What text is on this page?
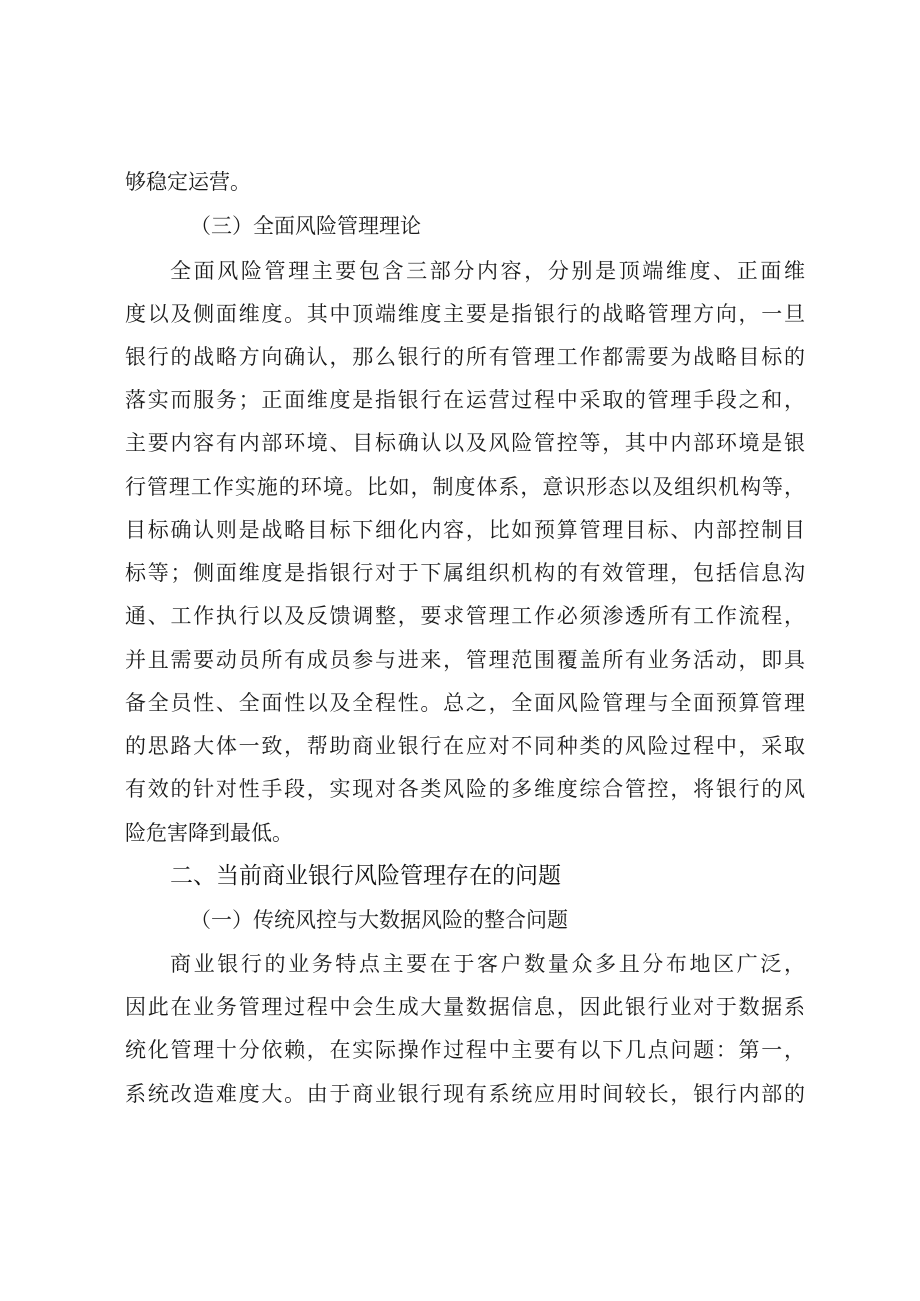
够稳定运营。
（三）全面风险管理理论
全面风险管理主要包含三部分内容，分别是顶端维度、正面维
度以及侧面维度。其中顶端维度主要是指银行的战略管理方向，一旦
银行的战略方向确认，那么银行的所有管理工作都需要为战略目标的
落实而服务；正面维度是指银行在运营过程中采取的管理手段之和，
主要内容有内部环境、目标确认以及风险管控等，其中内部环境是银
行管理工作实施的环境。比如，制度体系，意识形态以及组织机构等，
目标确认则是战略目标下细化内容，比如预算管理目标、内部控制目
标等；侧面维度是指银行对于下属组织机构的有效管理，包括信息沟
通、工作执行以及反馈调整，要求管理工作必须渗透所有工作流程，
并且需要动员所有成员参与进来，管理范围覆盖所有业务活动，即具
备全员性、全面性以及全程性。总之，全面风险管理与全面预算管理
的思路大体一致，帮助商业银行在应对不同种类的风险过程中，采取
有效的针对性手段，实现对各类风险的多维度综合管控，将银行的风
险危害降到最低。
二、当前商业银行风险管理存在的问题
（一）传统风控与大数据风险的整合问题
商业银行的业务特点主要在于客户数量众多且分布地区广泛，
因此在业务管理过程中会生成大量数据信息，因此银行业对于数据系
统化管理十分依赖，在实际操作过程中主要有以下几点问题：第一，
系统改造难度大。由于商业银行现有系统应用时间较长，银行内部的
